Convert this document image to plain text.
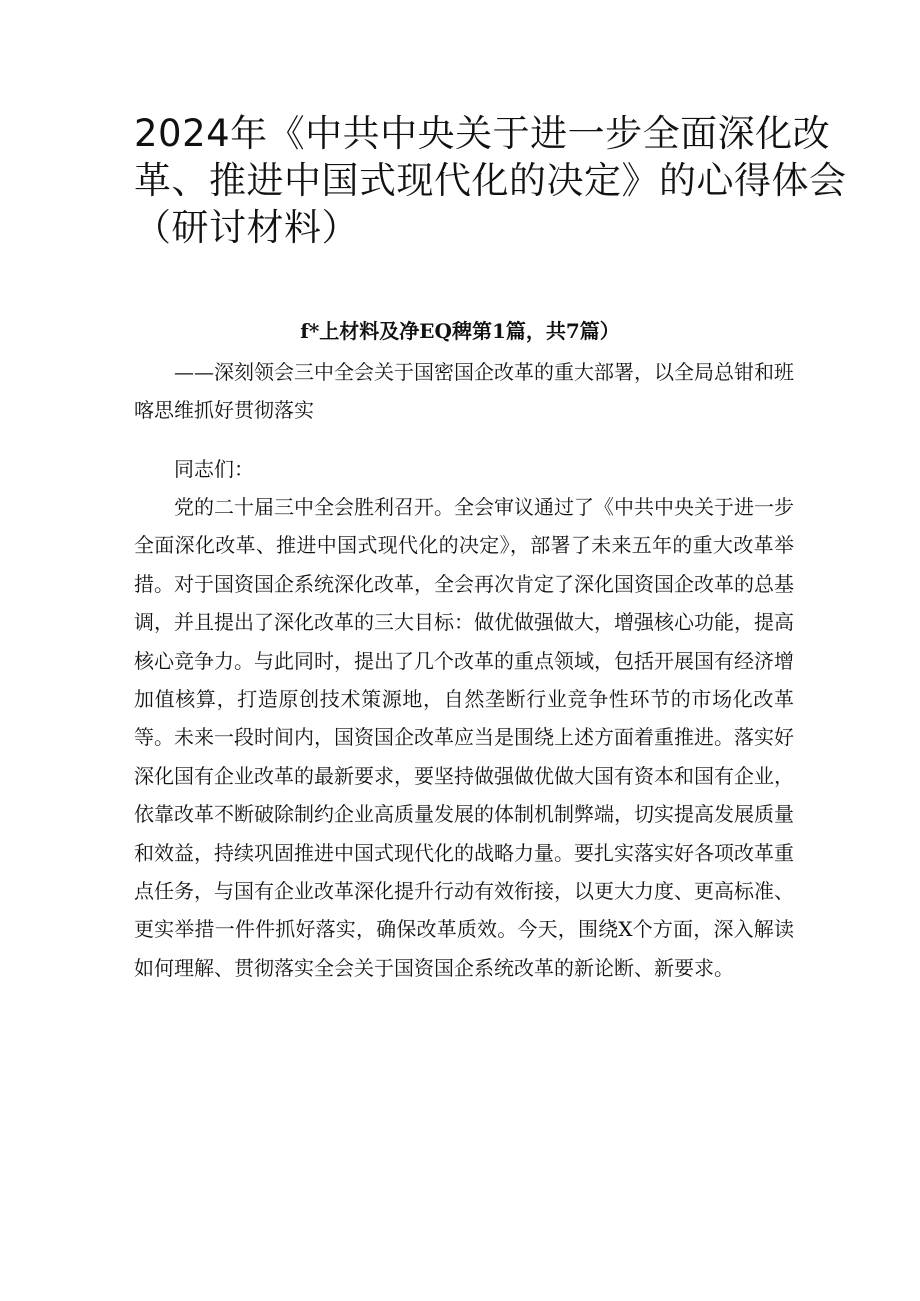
2024年《中共中央关于进一步全面深化改
革、推进中国式现代化的决定》的心得体会
（研讨材料）
f*上材料及净EQ稗第1篇，共7篇）

——深刻领会三中全会关于国密国企改革的重大部署，以全局总钳和班喀思维抓好贯彻落实

同志们：

党的二十届三中全会胜利召开。全会审议通过了《中共中央关于进一步全面深化改革、推进中国式现代化的决定》，部署了未来五年的重大改革举措。对于国资国企系统深化改革，全会再次肯定了深化国资国企改革的总基调，并且提出了深化改革的三大目标：做优做强做大，增强核心功能，提高核心竞争力。与此同时，提出了几个改革的重点领域，包括开展国有经济增加值核算，打造原创技术策源地，自然垄断行业竞争性环节的市场化改革等。未来一段时间内，国资国企改革应当是围绕上述方面着重推进。落实好深化国有企业改革的最新要求，要坚持做强做优做大国有资本和国有企业，依靠改革不断破除制约企业高质量发展的体制机制弊端，切实提高发展质量和效益，持续巩固推进中国式现代化的战略力量。要扎实落实好各项改革重点任务，与国有企业改革深化提升行动有效衔接，以更大力度、更高标准、更实举措一件件抓好落实，确保改革质效。今天，围绕X个方面，深入解读如何理解、贯彻落实全会关于国资国企系统改革的新论断、新要求。
